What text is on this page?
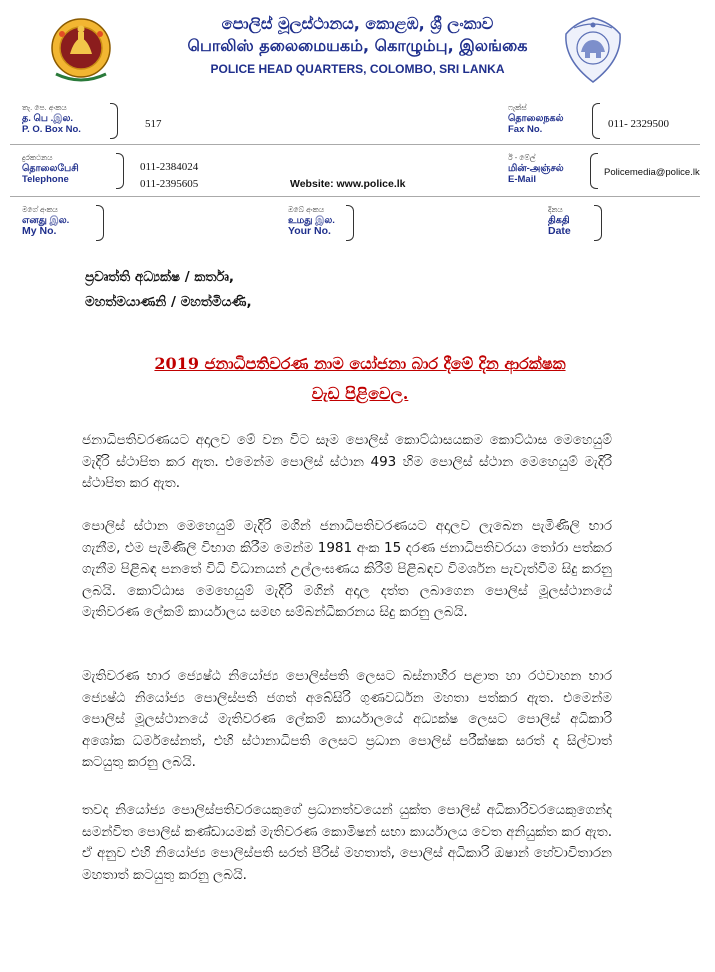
පොලිස් මූලස්ථානය, කොළඹ, ශ්‍රී ලංකාව
பொலிஸ் தலைமையகம், கொழும்பு, இலங்கை
POLICE HEAD QUARTERS, COLOMBO, SRI LANKA
තැ. පෙ. අංකය
த. பெ .இல.
P. O. Box No.	517
ෆැක්ස්
தொலைநகல்
Fax No.	011- 2329500
දුරකථනය
தொலைபேசி
Telephone
011-2384024
011-2395605	Website: www.police.lk
ඊ - මේල්
மின்-அஞ்சல்
E-Mail
Policemedia@police.lk
මගේ අංකය
எனது இல.
My No.
ඔබේ අංකය
உமது இல.
Your No.
දිනය
திகதி
Date
ප්‍රවෘත්ති අධ්‍යක්ෂ / කර්තෘ,
මහත්මයාණනි / මහත්මියණි,
2019 ජනාධිපතිවරණ නාම යෝජනා බාර දීමේ දින ආරක්ෂක
වැඩ පිළිවෙල.
ජනාධිපතිවරණයට අදාලව මේ වන විට සෑම පොලිස් කොට්ඨාසයකම කොට්ඨාස මෙහෙයුම් මැදිරි ස්ථාපිත කර ඇත. එමෙන්ම පොලිස් ස්ථාන 493 හිම පොලිස් ස්ථාන මෙහෙයුම් මැදිරි ස්ථාපිත කර ඇත.
පොලිස් ස්ථාන මෙහෙයුම් මැදිරි මගින් ජනාධිපතිවරණයට අදාලව ලැබෙන පැමිණිලි භාර ගැනීම, එම පැමිණිලි විභාග කිරීම මෙන්ම 1981 අංක 15 දරණ ජනාධිපතිවරයා තෝරා පත්කර ගැනීම පිළිබඳ පනතේ විධි විධානයන් උල්ලංඝණය කිරීම් පිළිබඳව විමර්ශන පැවැත්වීම සිදු කරනු ලබයි. කොට්ඨාස මෙහෙයුම් මැදිරි මගින් අදාල දත්ත ලබාගෙන පොලිස් මූලස්ථානයේ මැතිවරණ ලේකම් කාර්යාලය සමඟ සම්බන්ධීකරනය සිදු කරනු ලබයි.
මැතිවරණ භාර ජ්‍යෙෂ්ඨ නියෝජ්‍ය පොලිස්පති ලෙසට බස්නාහිර පළාත හා රථවාහන භාර ජ්‍යෙෂ්ඨ නියෝජ්‍ය පොලිස්පති ජගත් අබේසිරි ගුණවර්ධන මහතා පත්කර ඇත. එමෙන්ම පොලිස් මූලස්ථානයේ මැතිවරණ ලේකම් කාර්යාලයේ අධ්‍යක්ෂ ලෙසට පොලිස් අධිකාරි අශෝක ධර්මසේනත්, එහි ස්ථානාධිපති ලෙසට ප්‍රධාන පොලිස් පරීක්ෂක සරත් ද සිල්වාත් කටයුතු කරනු ලබයි.
තවද නියෝජ්‍ය පොලිස්පතිවරයෙකුගේ ප්‍රධානත්වයෙන් යුක්ත පොලිස් අධිකාරිවරයෙකුගෙන්ද සමන්විත පොලිස් කණ්ඩායමක් මැතිවරණ කොමිෂන් සභා කාර්යාලය වෙත අනියුක්ත කර ඇත. ඒ අනුව එහි නියෝජ්‍ය පොලිස්පති සරත් පීරිස් මහතාත්, පොලිස් අධිකාරි ඔෂාන් හේවාවිතාරන මහතාත් කටයුතු කරනු ලබයි.
